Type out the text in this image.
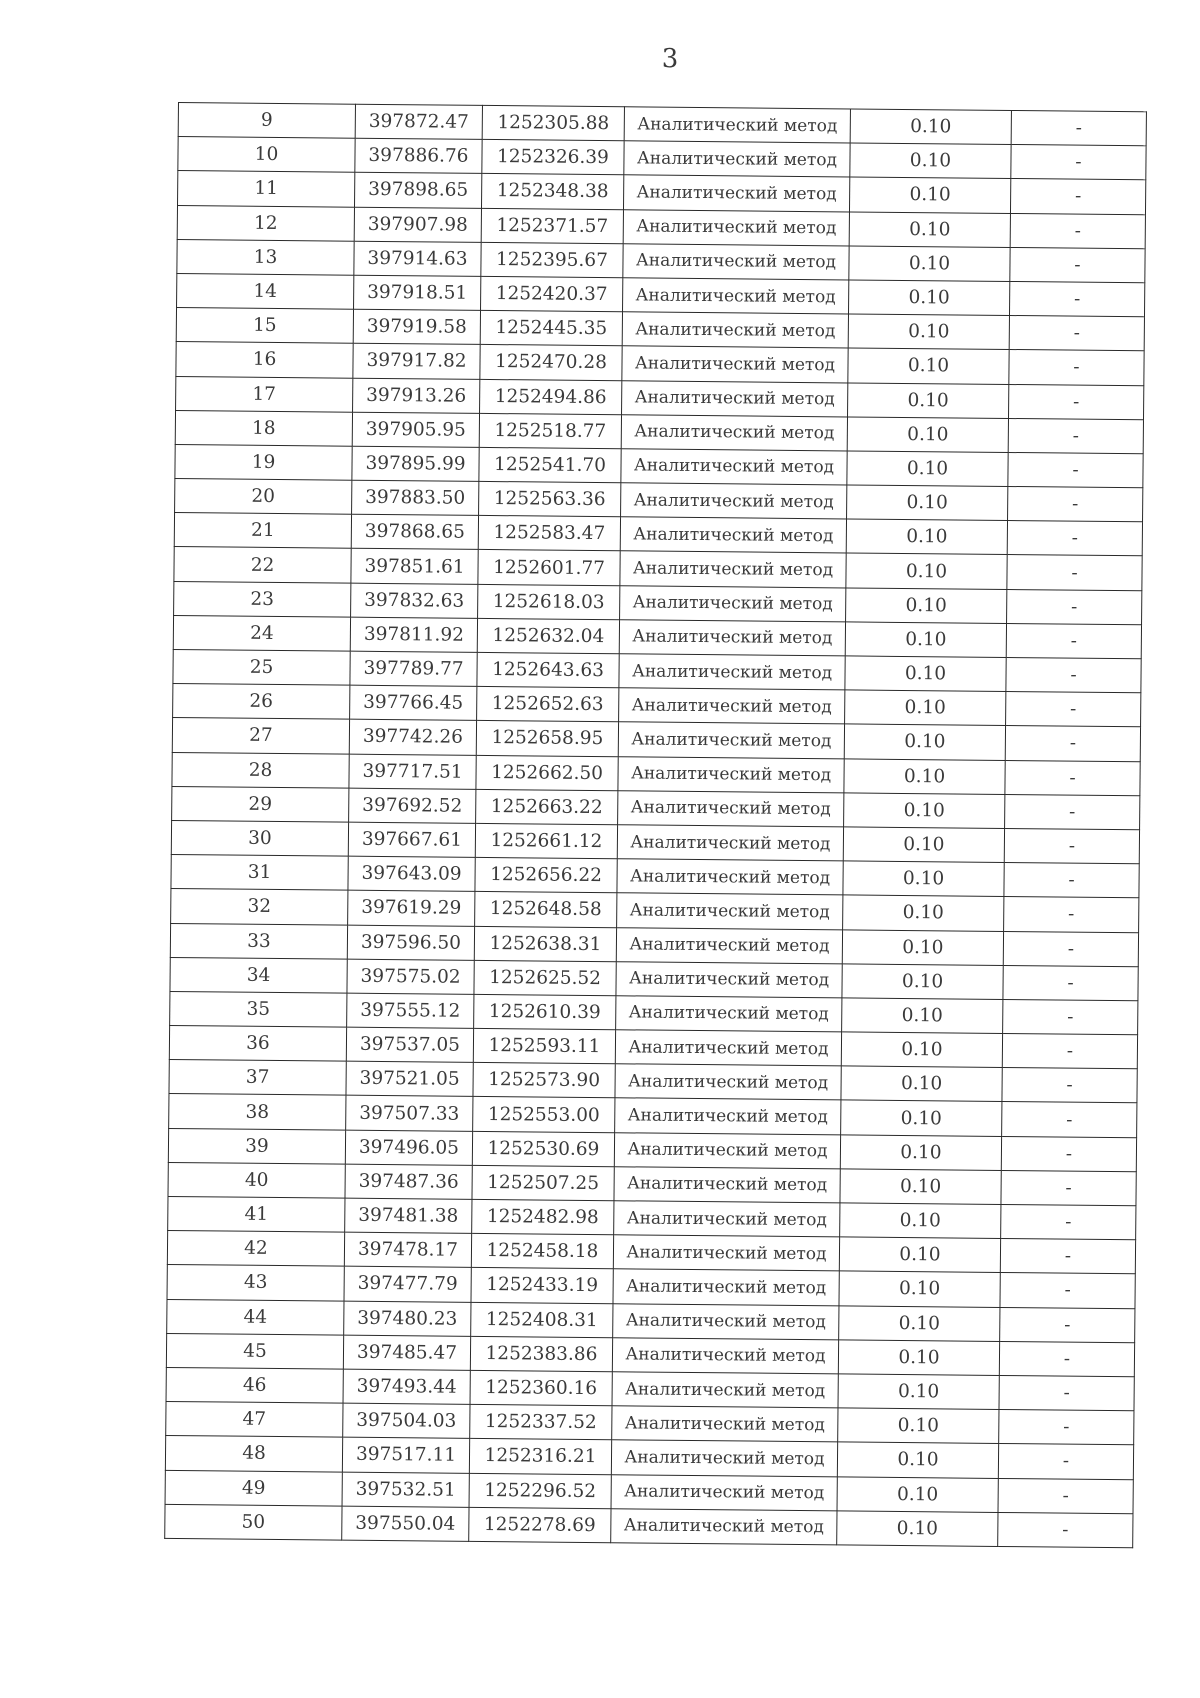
3
9	397872.47	1252305.88	Аналитический метод	0.10	-
10	397886.76	1252326.39	Аналитический метод	0.10	-
11	397898.65	1252348.38	Аналитический метод	0.10	-
12	397907.98	1252371.57	Аналитический метод	0.10	-
13	397914.63	1252395.67	Аналитический метод	0.10	-
14	397918.51	1252420.37	Аналитический метод	0.10	-
15	397919.58	1252445.35	Аналитический метод	0.10	-
16	397917.82	1252470.28	Аналитический метод	0.10	-
17	397913.26	1252494.86	Аналитический метод	0.10	-
18	397905.95	1252518.77	Аналитический метод	0.10	-
19	397895.99	1252541.70	Аналитический метод	0.10	-
20	397883.50	1252563.36	Аналитический метод	0.10	-
21	397868.65	1252583.47	Аналитический метод	0.10	-
22	397851.61	1252601.77	Аналитический метод	0.10	-
23	397832.63	1252618.03	Аналитический метод	0.10	-
24	397811.92	1252632.04	Аналитический метод	0.10	-
25	397789.77	1252643.63	Аналитический метод	0.10	-
26	397766.45	1252652.63	Аналитический метод	0.10	-
27	397742.26	1252658.95	Аналитический метод	0.10	-
28	397717.51	1252662.50	Аналитический метод	0.10	-
29	397692.52	1252663.22	Аналитический метод	0.10	-
30	397667.61	1252661.12	Аналитический метод	0.10	-
31	397643.09	1252656.22	Аналитический метод	0.10	-
32	397619.29	1252648.58	Аналитический метод	0.10	-
33	397596.50	1252638.31	Аналитический метод	0.10	-
34	397575.02	1252625.52	Аналитический метод	0.10	-
35	397555.12	1252610.39	Аналитический метод	0.10	-
36	397537.05	1252593.11	Аналитический метод	0.10	-
37	397521.05	1252573.90	Аналитический метод	0.10	-
38	397507.33	1252553.00	Аналитический метод	0.10	-
39	397496.05	1252530.69	Аналитический метод	0.10	-
40	397487.36	1252507.25	Аналитический метод	0.10	-
41	397481.38	1252482.98	Аналитический метод	0.10	-
42	397478.17	1252458.18	Аналитический метод	0.10	-
43	397477.79	1252433.19	Аналитический метод	0.10	-
44	397480.23	1252408.31	Аналитический метод	0.10	-
45	397485.47	1252383.86	Аналитический метод	0.10	-
46	397493.44	1252360.16	Аналитический метод	0.10	-
47	397504.03	1252337.52	Аналитический метод	0.10	-
48	397517.11	1252316.21	Аналитический метод	0.10	-
49	397532.51	1252296.52	Аналитический метод	0.10	-
50	397550.04	1252278.69	Аналитический метод	0.10	-
